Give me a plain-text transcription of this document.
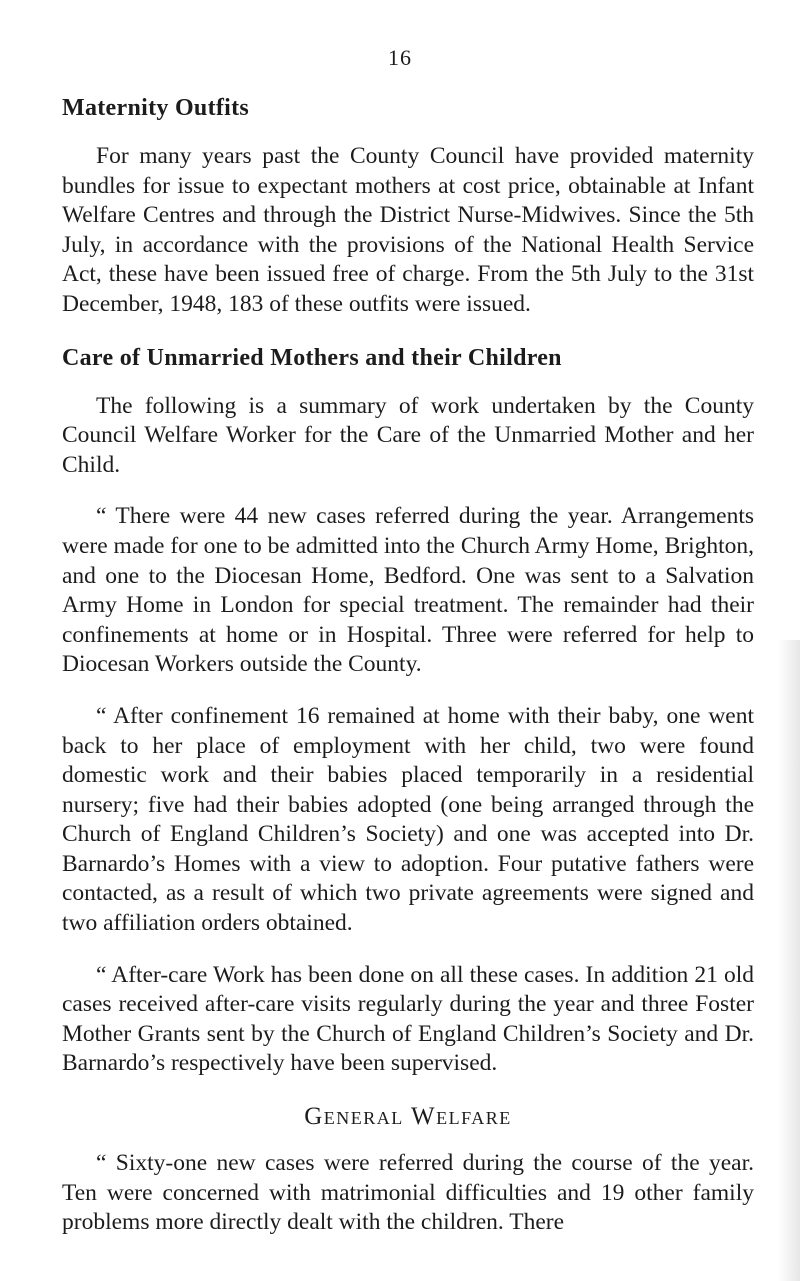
16
Maternity Outfits

For many years past the County Council have provided maternity bundles for issue to expectant mothers at cost price, obtainable at Infant Welfare Centres and through the District Nurse-Midwives. Since the 5th July, in accordance with the provisions of the National Health Service Act, these have been issued free of charge. From the 5th July to the 31st December, 1948, 183 of these outfits were issued.

Care of Unmarried Mothers and their Children

The following is a summary of work undertaken by the County Council Welfare Worker for the Care of the Unmarried Mother and her Child.

“ There were 44 new cases referred during the year. Arrangements were made for one to be admitted into the Church Army Home, Brighton, and one to the Diocesan Home, Bedford. One was sent to a Salvation Army Home in London for special treatment. The remainder had their confinements at home or in Hospital. Three were referred for help to Diocesan Workers outside the County.

“ After confinement 16 remained at home with their baby, one went back to her place of employment with her child, two were found domestic work and their babies placed temporarily in a residential nursery; five had their babies adopted (one being arranged through the Church of England Children’s Society) and one was accepted into Dr. Barnardo’s Homes with a view to adoption. Four putative fathers were contacted, as a result of which two private agreements were signed and two affiliation orders obtained.

“ After-care Work has been done on all these cases. In addition 21 old cases received after-care visits regularly during the year and three Foster Mother Grants sent by the Church of England Children’s Society and Dr. Barnardo’s respectively have been supervised.

General Welfare

“ Sixty-one new cases were referred during the course of the year. Ten were concerned with matrimonial difficulties and 19 other family problems more directly dealt with the children. There
